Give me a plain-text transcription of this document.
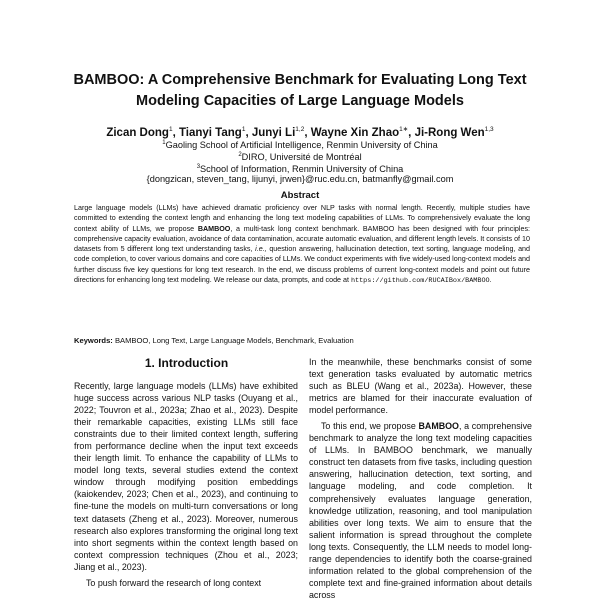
BAMBOO: A Comprehensive Benchmark for Evaluating Long Text
Modeling Capacities of Large Language Models
Zican Dong$^1$, Tianyi Tang$^1$, Junyi Li$^{1,2}$, Wayne Xin Zhao$^{1∗}$, Ji-Rong Wen$^{1,3}$
$^1$Gaoling School of Artificial Intelligence, Renmin University of China
$^2$DIRO, Université de Montréal
$^3$School of Information, Renmin University of China
{dongzican, steven_tang, lijunyi, jrwen}@ruc.edu.cn, batmanfly@gmail.com
Abstract
Large language models (LLMs) have achieved dramatic proficiency over NLP tasks with normal length. Recently, multiple studies have committed to extending the context length and enhancing the long text modeling capabilities of LLMs. To comprehensively evaluate the long context ability of LLMs, we propose BAMBOO, a multi-task long context benchmark. BAMBOO has been designed with four principles: comprehensive capacity evaluation, avoidance of data contamination, accurate automatic evaluation, and different length levels. It consists of 10 datasets from 5 different long text understanding tasks, i.e., question answering, hallucination detection, text sorting, language modeling, and code completion, to cover various domains and core capacities of LLMs. We conduct experiments with five widely-used long-context models and further discuss five key questions for long text research. In the end, we discuss problems of current long-context models and point out future directions for enhancing long text modeling. We release our data, prompts, and code at https://github.com/RUCAIBox/BAMBOO.
Keywords: BAMBOO, Long Text, Large Language Models, Benchmark, Evaluation
1. Introduction

Recently, large language models (LLMs) have exhibited huge success across various NLP tasks (Ouyang et al., 2022; Touvron et al., 2023a; Zhao et al., 2023). Despite their remarkable capacities, existing LLMs still face constraints due to their limited context length, suffering from performance decline when the input text exceeds their length limit. To enhance the capability of LLMs to model long texts, several studies extend the context window through modifying position embeddings (kaiokendev, 2023; Chen et al., 2023), and continuing to fine-tune the models on multi-turn conversations or long text datasets (Zheng et al., 2023). Moreover, numerous research also explores transforming the original long text into short segments within the context length based on context compression techniques (Zhou et al., 2023; Jiang et al., 2023).

To push forward the research of long context

In the meanwhile, these benchmarks consist of some text generation tasks evaluated by automatic metrics such as BLEU (Wang et al., 2023a). However, these metrics are blamed for their inaccurate evaluation of model performance.

To this end, we propose BAMBOO, a comprehensive benchmark to analyze the long text modeling capacities of LLMs. In BAMBOO benchmark, we manually construct ten datasets from five tasks, including question answering, hallucination detection, text sorting, and language modeling, and code completion. It comprehensively evaluates language generation, knowledge utilization, reasoning, and tool manipulation abilities over long texts. We aim to ensure that the salient information is spread throughout the complete long texts. Consequently, the LLM needs to model long-range dependencies to identify both the coarse-grained information related to the global comprehension of the complete text and fine-grained information about details across
